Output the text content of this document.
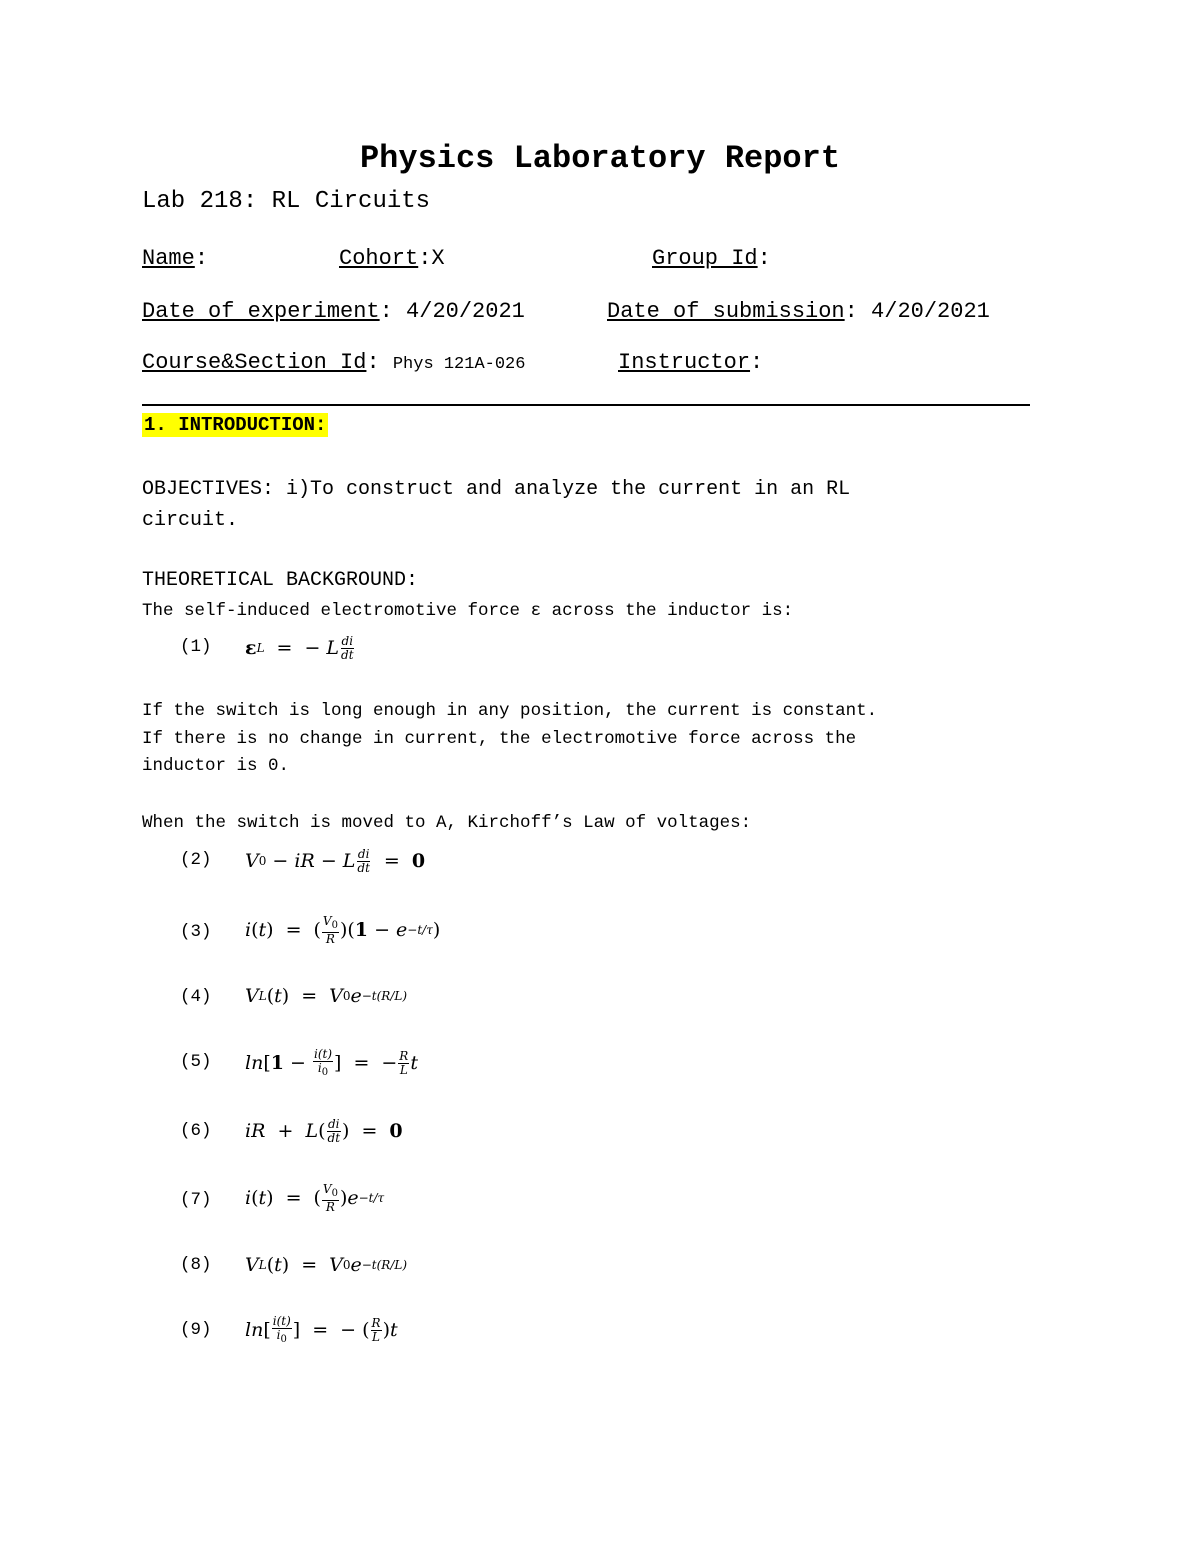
Physics Laboratory Report
Lab 218: RL Circuits
Name:	Cohort:X	Group Id:
Date of experiment: 4/20/2021	Date of submission: 4/20/2021
Course&Section Id: Phys 121A-026	Instructor:
1. INTRODUCTION:
OBJECTIVES: i)To construct and analyze the current in an RL
circuit.
THEORETICAL BACKGROUND:
The self-induced electromotive force ε across the inductor is:
(1) ε L = − L $\frac{di}{dt}$
If the switch is long enough in any position, the current is constant.
If there is no change in current, the electromotive force across the
inductor is 0.
When the switch is moved to A, Kirchoff’s Law of voltages:
(2) V 0
− iR − L $\frac{di}{dt} = 0$
(3) i ( t ) = ( $\frac{V_0}{R}$ )( 1
− e −t/τ )
(4) V L ( t ) = V 0 e −t(R/L)
(5) ln [ 1
−
$\frac{i(t)}{i_0}$ ] = − $\frac{R}{L}$ t
(6) iR + L ( $\frac{di}{dt}$ ) = 0
(7) i ( t ) = ( $\frac{V_0}{R}$ ) e −t/τ
(8) V L ( t ) = V 0 e −t(R/L)
(9) ln [ $\frac{i(t)}{i_0}$ ] = −
( $\frac{R}{L}$ ) t
